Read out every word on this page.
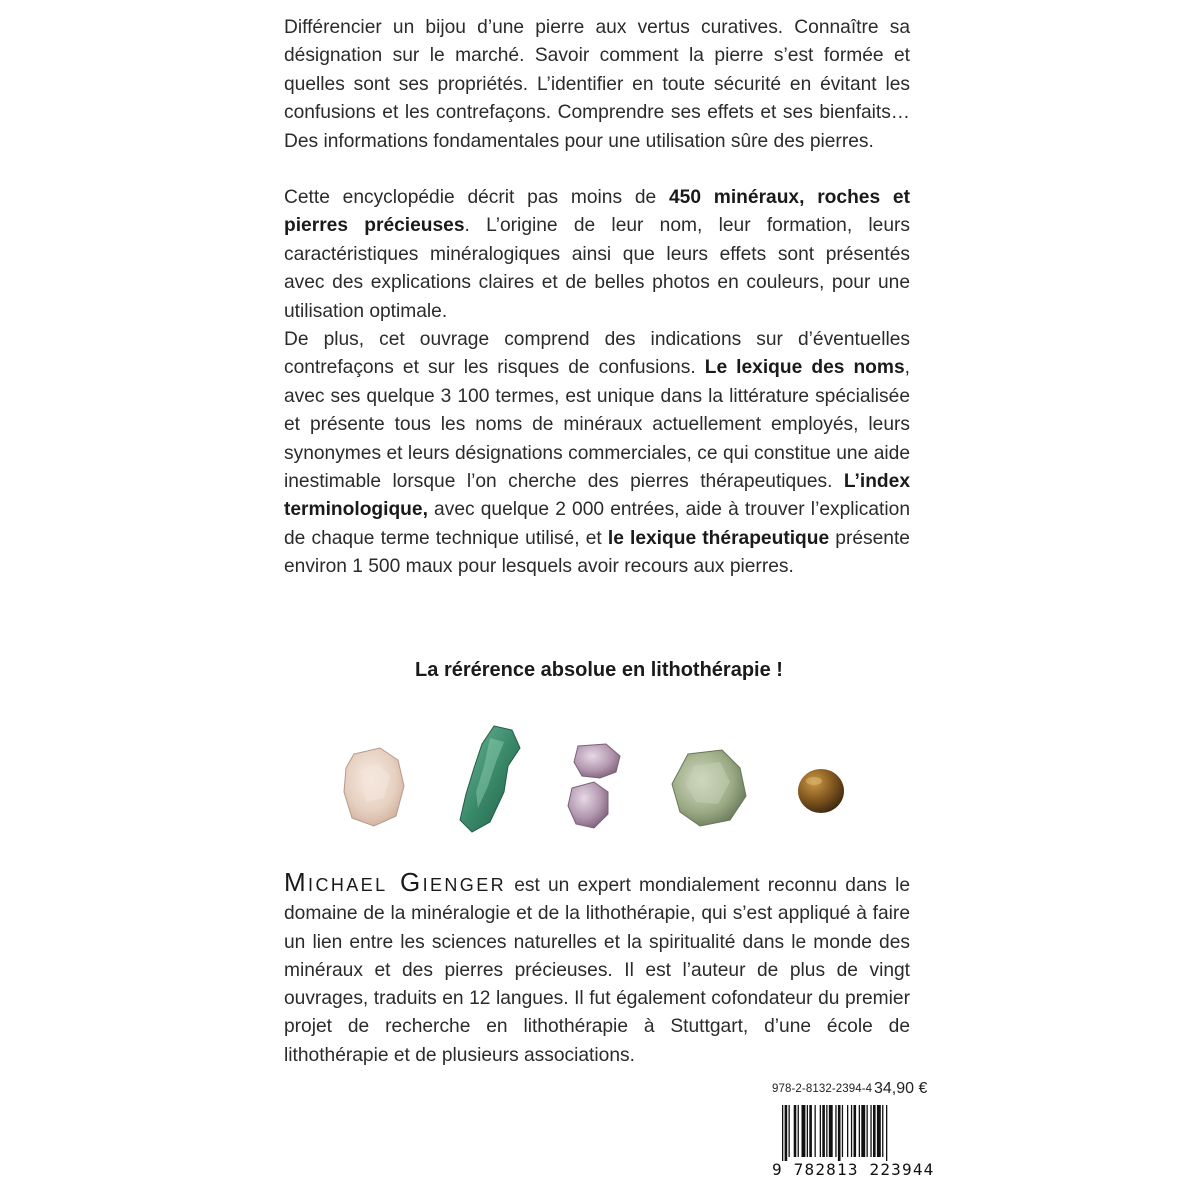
Différencier un bijou d’une pierre aux vertus curatives. Connaître sa désignation sur le marché. Savoir comment la pierre s’est formée et quelles sont ses propriétés. L’identifier en toute sécurité en évitant les confusions et les contrefaçons. Comprendre ses effets et ses bienfaits… Des informations fondamentales pour une utilisation sûre des pierres.
Cette encyclopédie décrit pas moins de 450 minéraux, roches et pierres précieuses. L’origine de leur nom, leur formation, leurs caractéristiques minéralogiques ainsi que leurs effets sont présentés avec des explications claires et de belles photos en couleurs, pour une utilisation optimale.
De plus, cet ouvrage comprend des indications sur d’éventuelles contrefaçons et sur les risques de confusions. Le lexique des noms, avec ses quelque 3 100 termes, est unique dans la littérature spécialisée et présente tous les noms de minéraux actuellement employés, leurs synonymes et leurs désignations commerciales, ce qui constitue une aide inestimable lorsque l’on cherche des pierres thérapeutiques. L’index terminologique, avec quelque 2 000 entrées, aide à trouver l’explication de chaque terme technique utilisé, et le lexique thérapeutique présente environ 1 500 maux pour lesquels avoir recours aux pierres.
La rérérence absolue en lithothérapie !
Michael Gienger est un expert mondialement reconnu dans le domaine de la minéralogie et de la lithothérapie, qui s’est appliqué à faire un lien entre les sciences naturelles et la spiritualité dans le monde des minéraux et des pierres précieuses. Il est l’auteur de plus de vingt ouvrages, traduits en 12 langues. Il fut également cofondateur du premier projet de recherche en lithothérapie à Stuttgart, d’une école de lithothérapie et de plusieurs associations.
978-2-8132-2394-4 34,90 €
9 782813 223944
